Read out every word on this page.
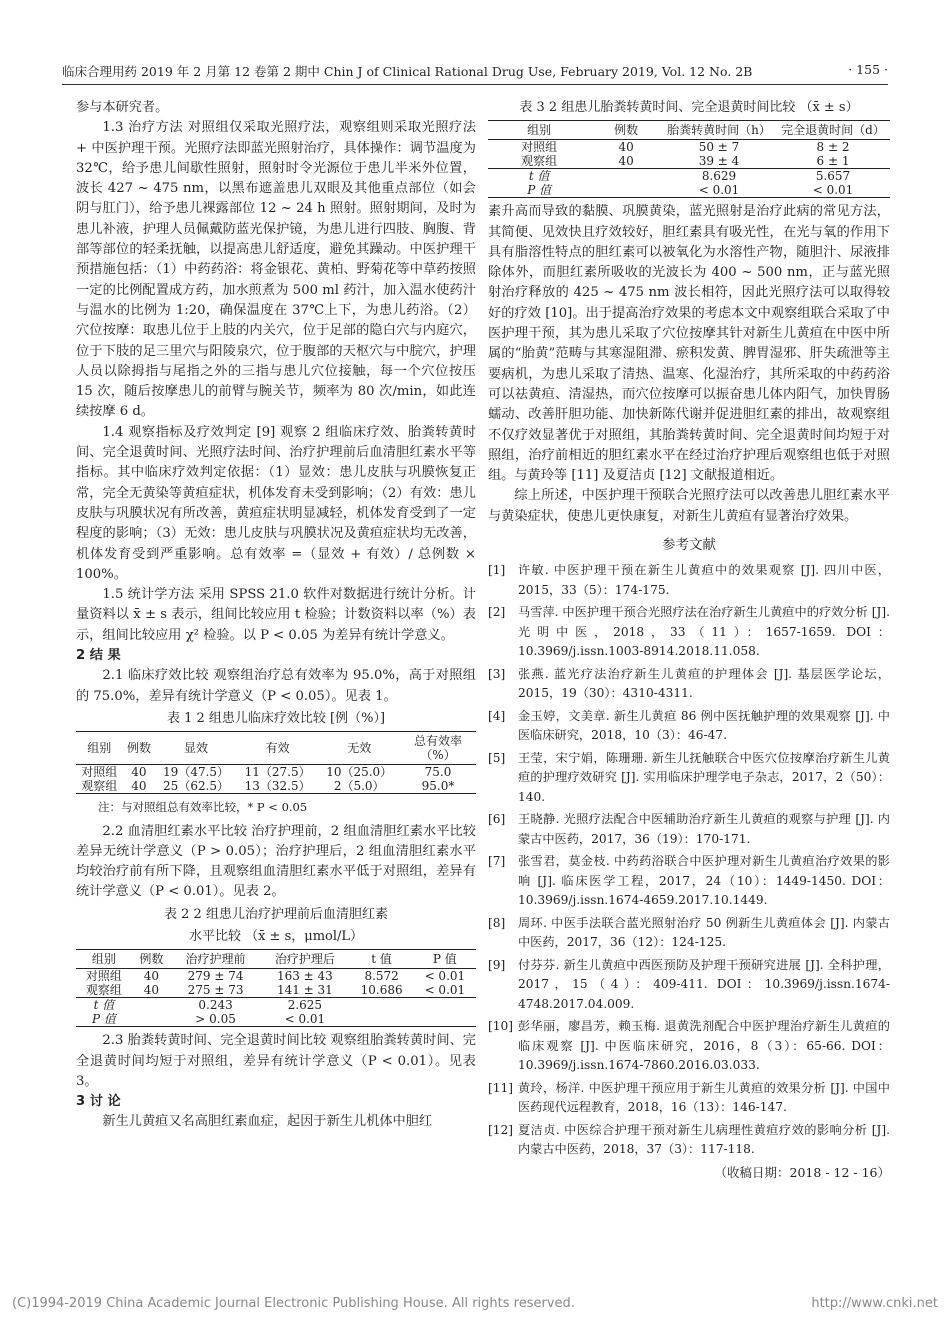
临床合理用药 2019 年 2 月第 12 卷第 2 期中 Chin J of Clinical Rational Drug Use, February 2019, Vol. 12 No. 2B	· 155 ·

参与本研究者。

1.3 治疗方法 对照组仅采取光照疗法，观察组则采取光照疗法 + 中医护理干预。光照疗法即蓝光照射治疗，具体操作：调节温度为 32℃，给予患儿间歇性照射，照射时令光源位于患儿半米外位置，波长 427 ~ 475 nm，以黑布遮盖患儿双眼及其他重点部位（如会阴与肛门），给予患儿裸露部位 12 ~ 24 h 照射。照射期间，及时为患儿补液，护理人员佩戴防蓝光保护镜，为患儿进行四肢、胸腹、背部等部位的轻柔抚触，以提高患儿舒适度，避免其躁动。中医护理干预措施包括：（1）中药药浴：将金银花、黄柏、野菊花等中草药按照一定的比例配置成方药，加水煎煮为 500 ml 药汁，加入温水使药汁与温水的比例为 1:20，确保温度在 37℃上下，为患儿药浴。（2）穴位按摩：取患儿位于上肢的内关穴，位于足部的隐白穴与内庭穴，位于下肢的足三里穴与阳陵泉穴，位于腹部的天枢穴与中脘穴，护理人员以除拇指与尾指之外的三指与患儿穴位接触，每一个穴位按压 15 次，随后按摩患儿的前臂与腕关节，频率为 80 次/min，如此连续按摩 6 d。

1.4 观察指标及疗效判定 [9] 观察 2 组临床疗效、胎粪转黄时间、完全退黄时间、光照疗法时间、治疗护理前后血清胆红素水平等指标。其中临床疗效判定依据：（1）显效：患儿皮肤与巩膜恢复正常，完全无黄染等黄疸症状，机体发育未受到影响；（2）有效：患儿皮肤与巩膜状况有所改善，黄疸症状明显减轻，机体发育受到了一定程度的影响；（3）无效：患儿皮肤与巩膜状况及黄疸症状均无改善，机体发育受到严重影响。总有效率 =（显效 + 有效）/ 总例数 × 100%。

1.5 统计学方法 采用 SPSS 21.0 软件对数据进行统计分析。计量资料以 x̄ ± s 表示，组间比较应用 t 检验；计数资料以率（%）表示，组间比较应用 χ² 检验。以 P < 0.05 为差异有统计学意义。

2 结 果

2.1 临床疗效比较 观察组治疗总有效率为 95.0%，高于对照组的 75.0%，差异有统计学意义（P < 0.05）。见表 1。

表 1 2 组患儿临床疗效比较 [例（%）]
组别	例数	显效	有效	无效	总有效率（%）
对照组	40	19（47.5）	11（27.5）	10（25.0）	75.0
观察组	40	25（62.5）	13（32.5）	2（5.0）	95.0*
注：与对照组总有效率比较，* P < 0.05

2.2 血清胆红素水平比较 治疗护理前，2 组血清胆红素水平比较差异无统计学意义（P > 0.05）；治疗护理后，2 组血清胆红素水平均较治疗前有所下降，且观察组血清胆红素水平低于对照组，差异有统计学意义（P < 0.01）。见表 2。

表 2 2 组患儿治疗护理前后血清胆红素
水平比较 （x̄ ± s，μmol/L）
组别	例数	治疗护理前	治疗护理后	t 值	P 值
对照组	40	279 ± 74	163 ± 43	8.572	< 0.01
观察组	40	275 ± 73	141 ± 31	10.686	< 0.01
t 值		0.243	2.625		
P 值		> 0.05	< 0.01		

2.3 胎粪转黄时间、完全退黄时间比较 观察组胎粪转黄时间、完全退黄时间均短于对照组，差异有统计学意义（P < 0.01）。见表 3。

3 讨 论

新生儿黄疸又名高胆红素血症，起因于新生儿机体中胆红

表 3 2 组患儿胎粪转黄时间、完全退黄时间比较 （x̄ ± s）
组别	例数	胎粪转黄时间（h）	完全退黄时间（d）
对照组	40	50 ± 7	8 ± 2
观察组	40	39 ± 4	6 ± 1
t 值		8.629	5.657
P 值		< 0.01	< 0.01

素升高而导致的黏膜、巩膜黄染，蓝光照射是治疗此病的常见方法，其简便、见效快且疗效较好，胆红素具有吸光性，在光与氧的作用下具有脂溶性特点的胆红素可以被氧化为水溶性产物，随胆汁、尿液排除体外，而胆红素所吸收的光波长为 400 ~ 500 nm，正与蓝光照射治疗释放的 425 ~ 475 nm 波长相符，因此光照疗法可以取得较好的疗效 [10]。出于提高治疗效果的考虑本文中观察组联合采取了中医护理干预，其为患儿采取了穴位按摩其针对新生儿黄疸在中医中所属的“胎黄”范畴与其寒湿阻滞、瘀积发黄、脾胃湿邪、肝失疏泄等主要病机，为患儿采取了清热、温寒、化湿治疗，其所采取的中药药浴可以祛黄疸、清湿热，而穴位按摩可以振奋患儿体内阳气，加快胃肠蠕动、改善肝胆功能、加快新陈代谢并促进胆红素的排出，故观察组不仅疗效显著优于对照组，其胎粪转黄时间、完全退黄时间均短于对照组，治疗前相近的胆红素水平在经过治疗护理后观察组也低于对照组。与黄玲等 [11] 及夏洁贞 [12] 文献报道相近。

综上所述，中医护理干预联合光照疗法可以改善患儿胆红素水平与黄染症状，使患儿更快康复，对新生儿黄疸有显著治疗效果。

参考文献
[1]	许敏. 中医护理干预在新生儿黄疸中的效果观察 [J]. 四川中医，2015，33（5）：174-175.
[2]	马雪萍. 中医护理干预合光照疗法在治疗新生儿黄疸中的疗效分析 [J]. 光明中医，2018，33（11）：1657-1659. DOI：10.3969/j.issn.1003-8914.2018.11.058.
[3]	张燕. 蓝光疗法治疗新生儿黄疸的护理体会 [J]. 基层医学论坛，2015，19（30）：4310-4311.
[4]	金玉婷，文美章. 新生儿黄疸 86 例中医抚触护理的效果观察 [J]. 中医临床研究，2018，10（3）：46-47.
[5]	王莹，宋宁娟，陈珊珊. 新生儿抚触联合中医穴位按摩治疗新生儿黄疸的护理疗效研究 [J]. 实用临床护理学电子杂志，2017，2（50）：140.
[6]	王晓静. 光照疗法配合中医辅助治疗新生儿黄疸的观察与护理 [J]. 内蒙古中医药，2017，36（19）：170-171.
[7]	张雪君，莫金枝. 中药药浴联合中医护理对新生儿黄疸治疗效果的影响 [J]. 临床医学工程，2017，24（10）：1449-1450. DOI：10.3969/j.issn.1674-4659.2017.10.1449.
[8]	周环. 中医手法联合蓝光照射治疗 50 例新生儿黄疸体会 [J]. 内蒙古中医药，2017，36（12）：124-125.
[9]	付芬芬. 新生儿黄疸中西医预防及护理干预研究进展 [J]. 全科护理，2017，15（4）：409-411. DOI：10.3969/j.issn.1674-4748.2017.04.009.
[10] 彭华丽，廖昌芳，赖玉梅. 退黄洗剂配合中医护理治疗新生儿黄疸的临床观察 [J]. 中医临床研究，2016，8（3）：65-66. DOI：10.3969/j.issn.1674-7860.2016.03.033.
[11] 黄玲，杨洋. 中医护理干预应用于新生儿黄疸的效果分析 [J]. 中国中医药现代远程教育，2018，16（13）：146-147.
[12] 夏洁贞. 中医综合护理干预对新生儿病理性黄疸疗效的影响分析 [J]. 内蒙古中医药，2018，37（3）：117-118.
（收稿日期：2018 - 12 - 16）
(C)1994-2019 China Academic Journal Electronic Publishing House. All rights reserved.	http://www.cnki.net
